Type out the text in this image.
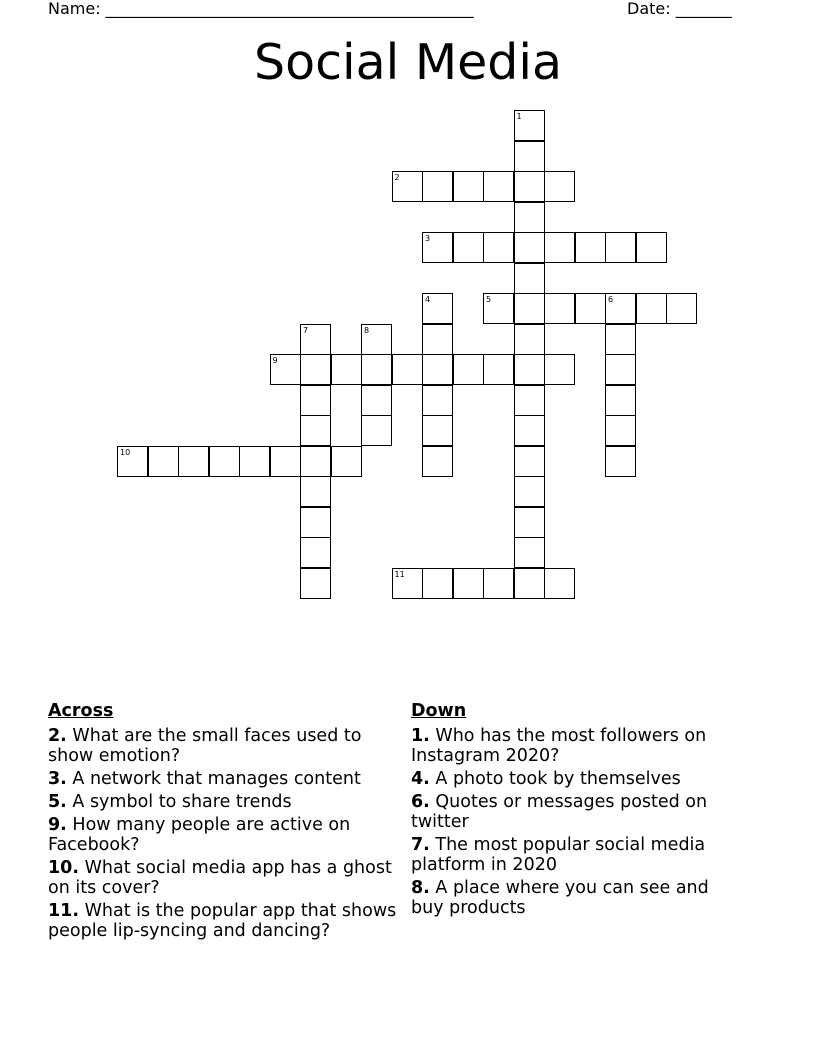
Name: ______________________________________________

	Date: _______

Social Media
1
2
3
4	5	6
7	8
9
10
11
Across
2. What are the small faces used to show emotion?
3. A network that manages content
5. A symbol to share trends
9. How many people are active on Facebook?
10. What social media app has a ghost on its cover?
11. What is the popular app that shows people lip-syncing and dancing?
Down
1. Who has the most followers on Instagram 2020?
4. A photo took by themselves
6. Quotes or messages posted on twitter
7. The most popular social media platform in 2020
8. A place where you can see and buy products
